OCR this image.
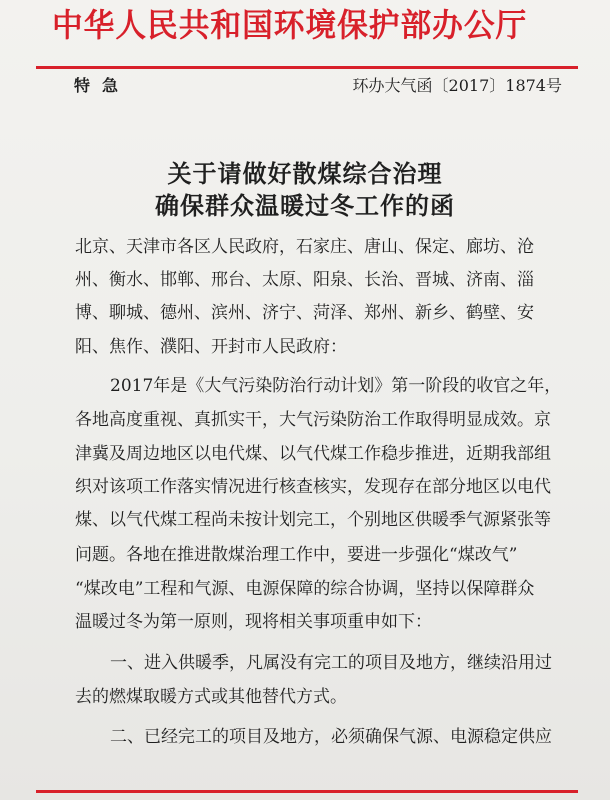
中华人民共和国环境保护部办公厅
特急	环办大气函〔2017〕1874号
关于请做好散煤综合治理
确保群众温暖过冬工作的函
北京、天津市各区人民政府，石家庄、唐山、保定、廊坊、沧
州、衡水、邯郸、邢台、太原、阳泉、长治、晋城、济南、淄
博、聊城、德州、滨州、济宁、菏泽、郑州、新乡、鹤壁、安
阳、焦作、濮阳、开封市人民政府：
2017年是《大气污染防治行动计划》第一阶段的收官之年，
各地高度重视、真抓实干，大气污染防治工作取得明显成效。京
津冀及周边地区以电代煤、以气代煤工作稳步推进，近期我部组
织对该项工作落实情况进行核查核实，发现存在部分地区以电代
煤、以气代煤工程尚未按计划完工，个别地区供暖季气源紧张等
问题。各地在推进散煤治理工作中，要进一步强化“煤改气”
“煤改电”工程和气源、电源保障的综合协调，坚持以保障群众
温暖过冬为第一原则，现将相关事项重申如下：
一、进入供暖季，凡属没有完工的项目及地方，继续沿用过
去的燃煤取暖方式或其他替代方式。
二、已经完工的项目及地方，必须确保气源、电源稳定供应
